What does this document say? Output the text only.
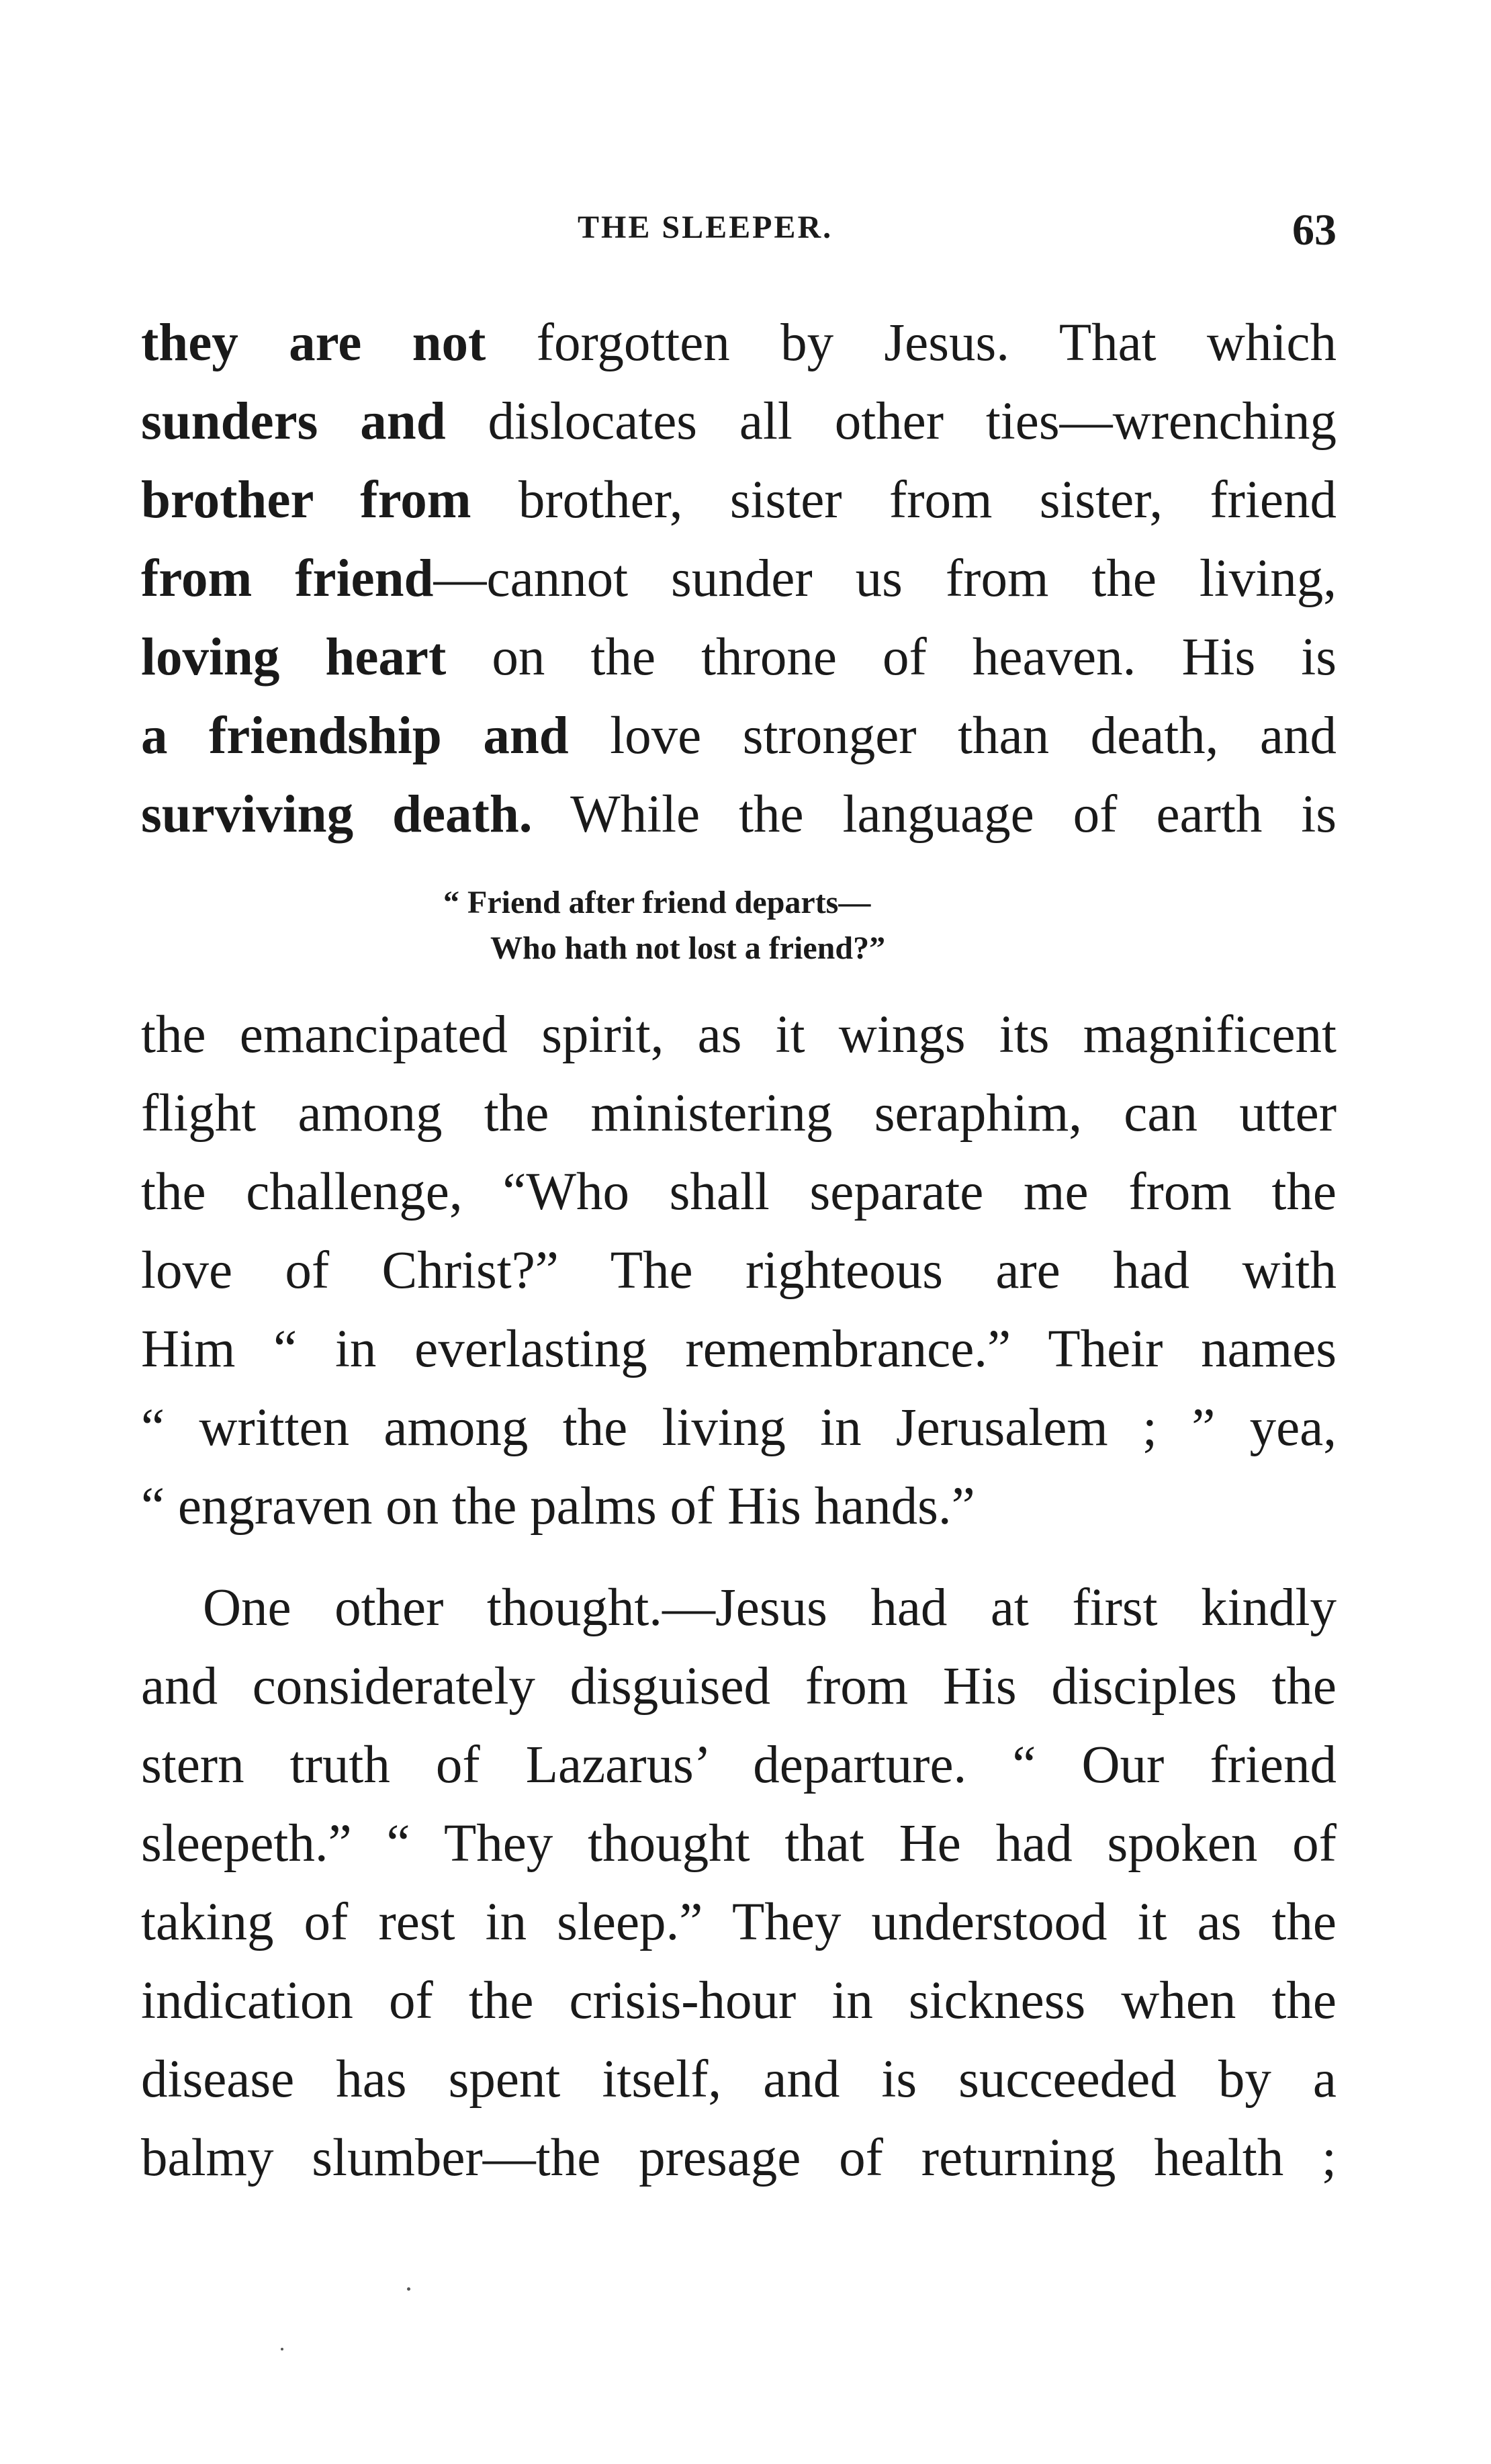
THE SLEEPER.	63
they are not forgotten by Jesus. That which
sunders and dislocates all other ties—wrenching
brother from brother, sister from sister, friend
from friend—cannot sunder us from the living,
loving heart on the throne of heaven. His is
a friendship and love stronger than death, and
surviving death. While the language of earth is
“ Friend after friend departs—
Who hath not lost a friend?”
the emancipated spirit, as it wings its magnificent
flight among the ministering seraphim, can utter
the challenge, “Who shall separate me from the
love of Christ?” The righteous are had with
Him “ in everlasting remembrance.” Their names
“ written among the living in Jerusalem ; ” yea,
“ engraven on the palms of His hands.”
One other thought.—Jesus had at first kindly
and considerately disguised from His disciples the
stern truth of Lazarus’ departure. “ Our friend
sleepeth.” “ They thought that He had spoken of
taking of rest in sleep.” They understood it as the
indication of the crisis-hour in sickness when the
disease has spent itself, and is succeeded by a
balmy slumber—the presage of returning health ;
